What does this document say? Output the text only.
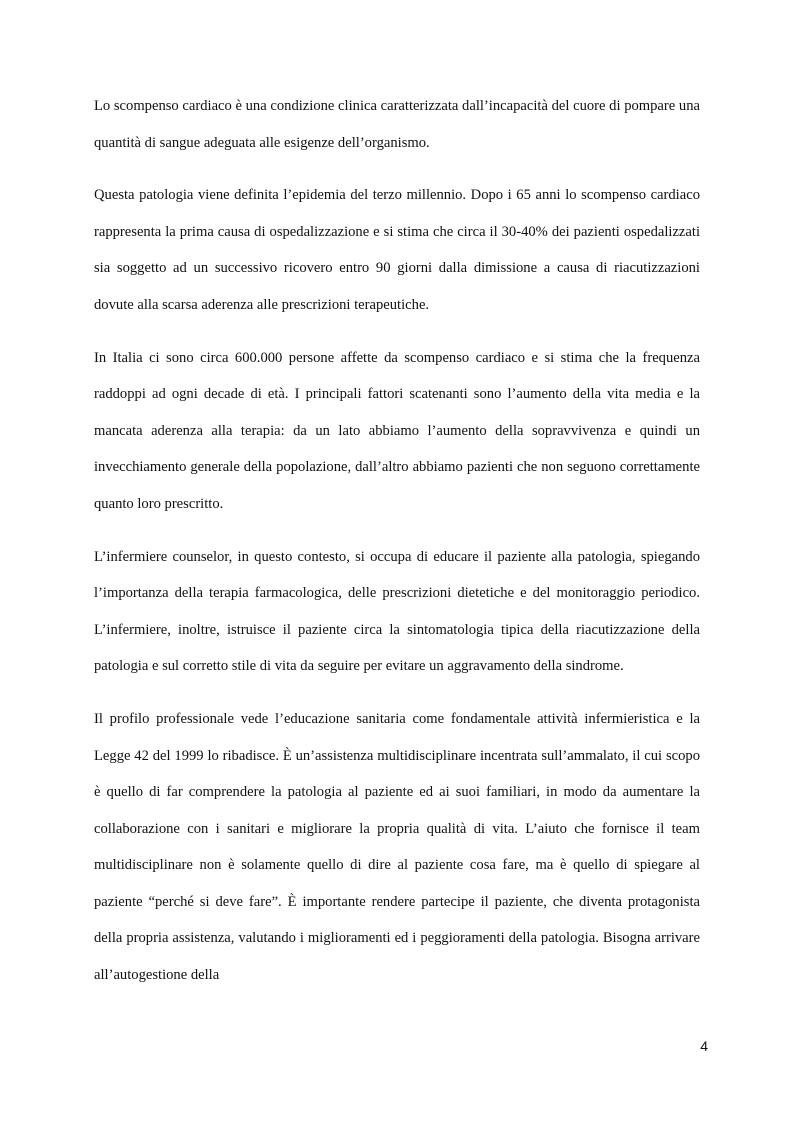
Lo scompenso cardiaco è una condizione clinica caratterizzata dall’incapacità del cuore di pompare una quantità di sangue adeguata alle esigenze dell’organismo.

Questa patologia viene definita l’epidemia del terzo millennio. Dopo i 65 anni lo scompenso cardiaco rappresenta la prima causa di ospedalizzazione e si stima che circa il 30-40% dei pazienti ospedalizzati sia soggetto ad un successivo ricovero entro 90 giorni dalla dimissione a causa di riacutizzazioni dovute alla scarsa aderenza alle prescrizioni terapeutiche.

In Italia ci sono circa 600.000 persone affette da scompenso cardiaco e si stima che la frequenza raddoppi ad ogni decade di età. I principali fattori scatenanti sono l’aumento della vita media e la mancata aderenza alla terapia: da un lato abbiamo l’aumento della sopravvivenza e quindi un invecchiamento generale della popolazione, dall’altro abbiamo pazienti che non seguono correttamente quanto loro prescritto.

L’infermiere counselor, in questo contesto, si occupa di educare il paziente alla patologia, spiegando l’importanza della terapia farmacologica, delle prescrizioni dietetiche e del monitoraggio periodico. L’infermiere, inoltre, istruisce il paziente circa la sintomatologia tipica della riacutizzazione della patologia e sul corretto stile di vita da seguire per evitare un aggravamento della sindrome.

Il profilo professionale vede l’educazione sanitaria come fondamentale attività infermieristica e la Legge 42 del 1999 lo ribadisce. È un’assistenza multidisciplinare incentrata sull’ammalato, il cui scopo è quello di far comprendere la patologia al paziente ed ai suoi familiari, in modo da aumentare la collaborazione con i sanitari e migliorare la propria qualità di vita. L’aiuto che fornisce il team multidisciplinare non è solamente quello di dire al paziente cosa fare, ma è quello di spiegare al paziente “perché si deve fare”. È importante rendere partecipe il paziente, che diventa protagonista della propria assistenza, valutando i miglioramenti ed i peggioramenti della patologia. Bisogna arrivare all’autogestione della

4
